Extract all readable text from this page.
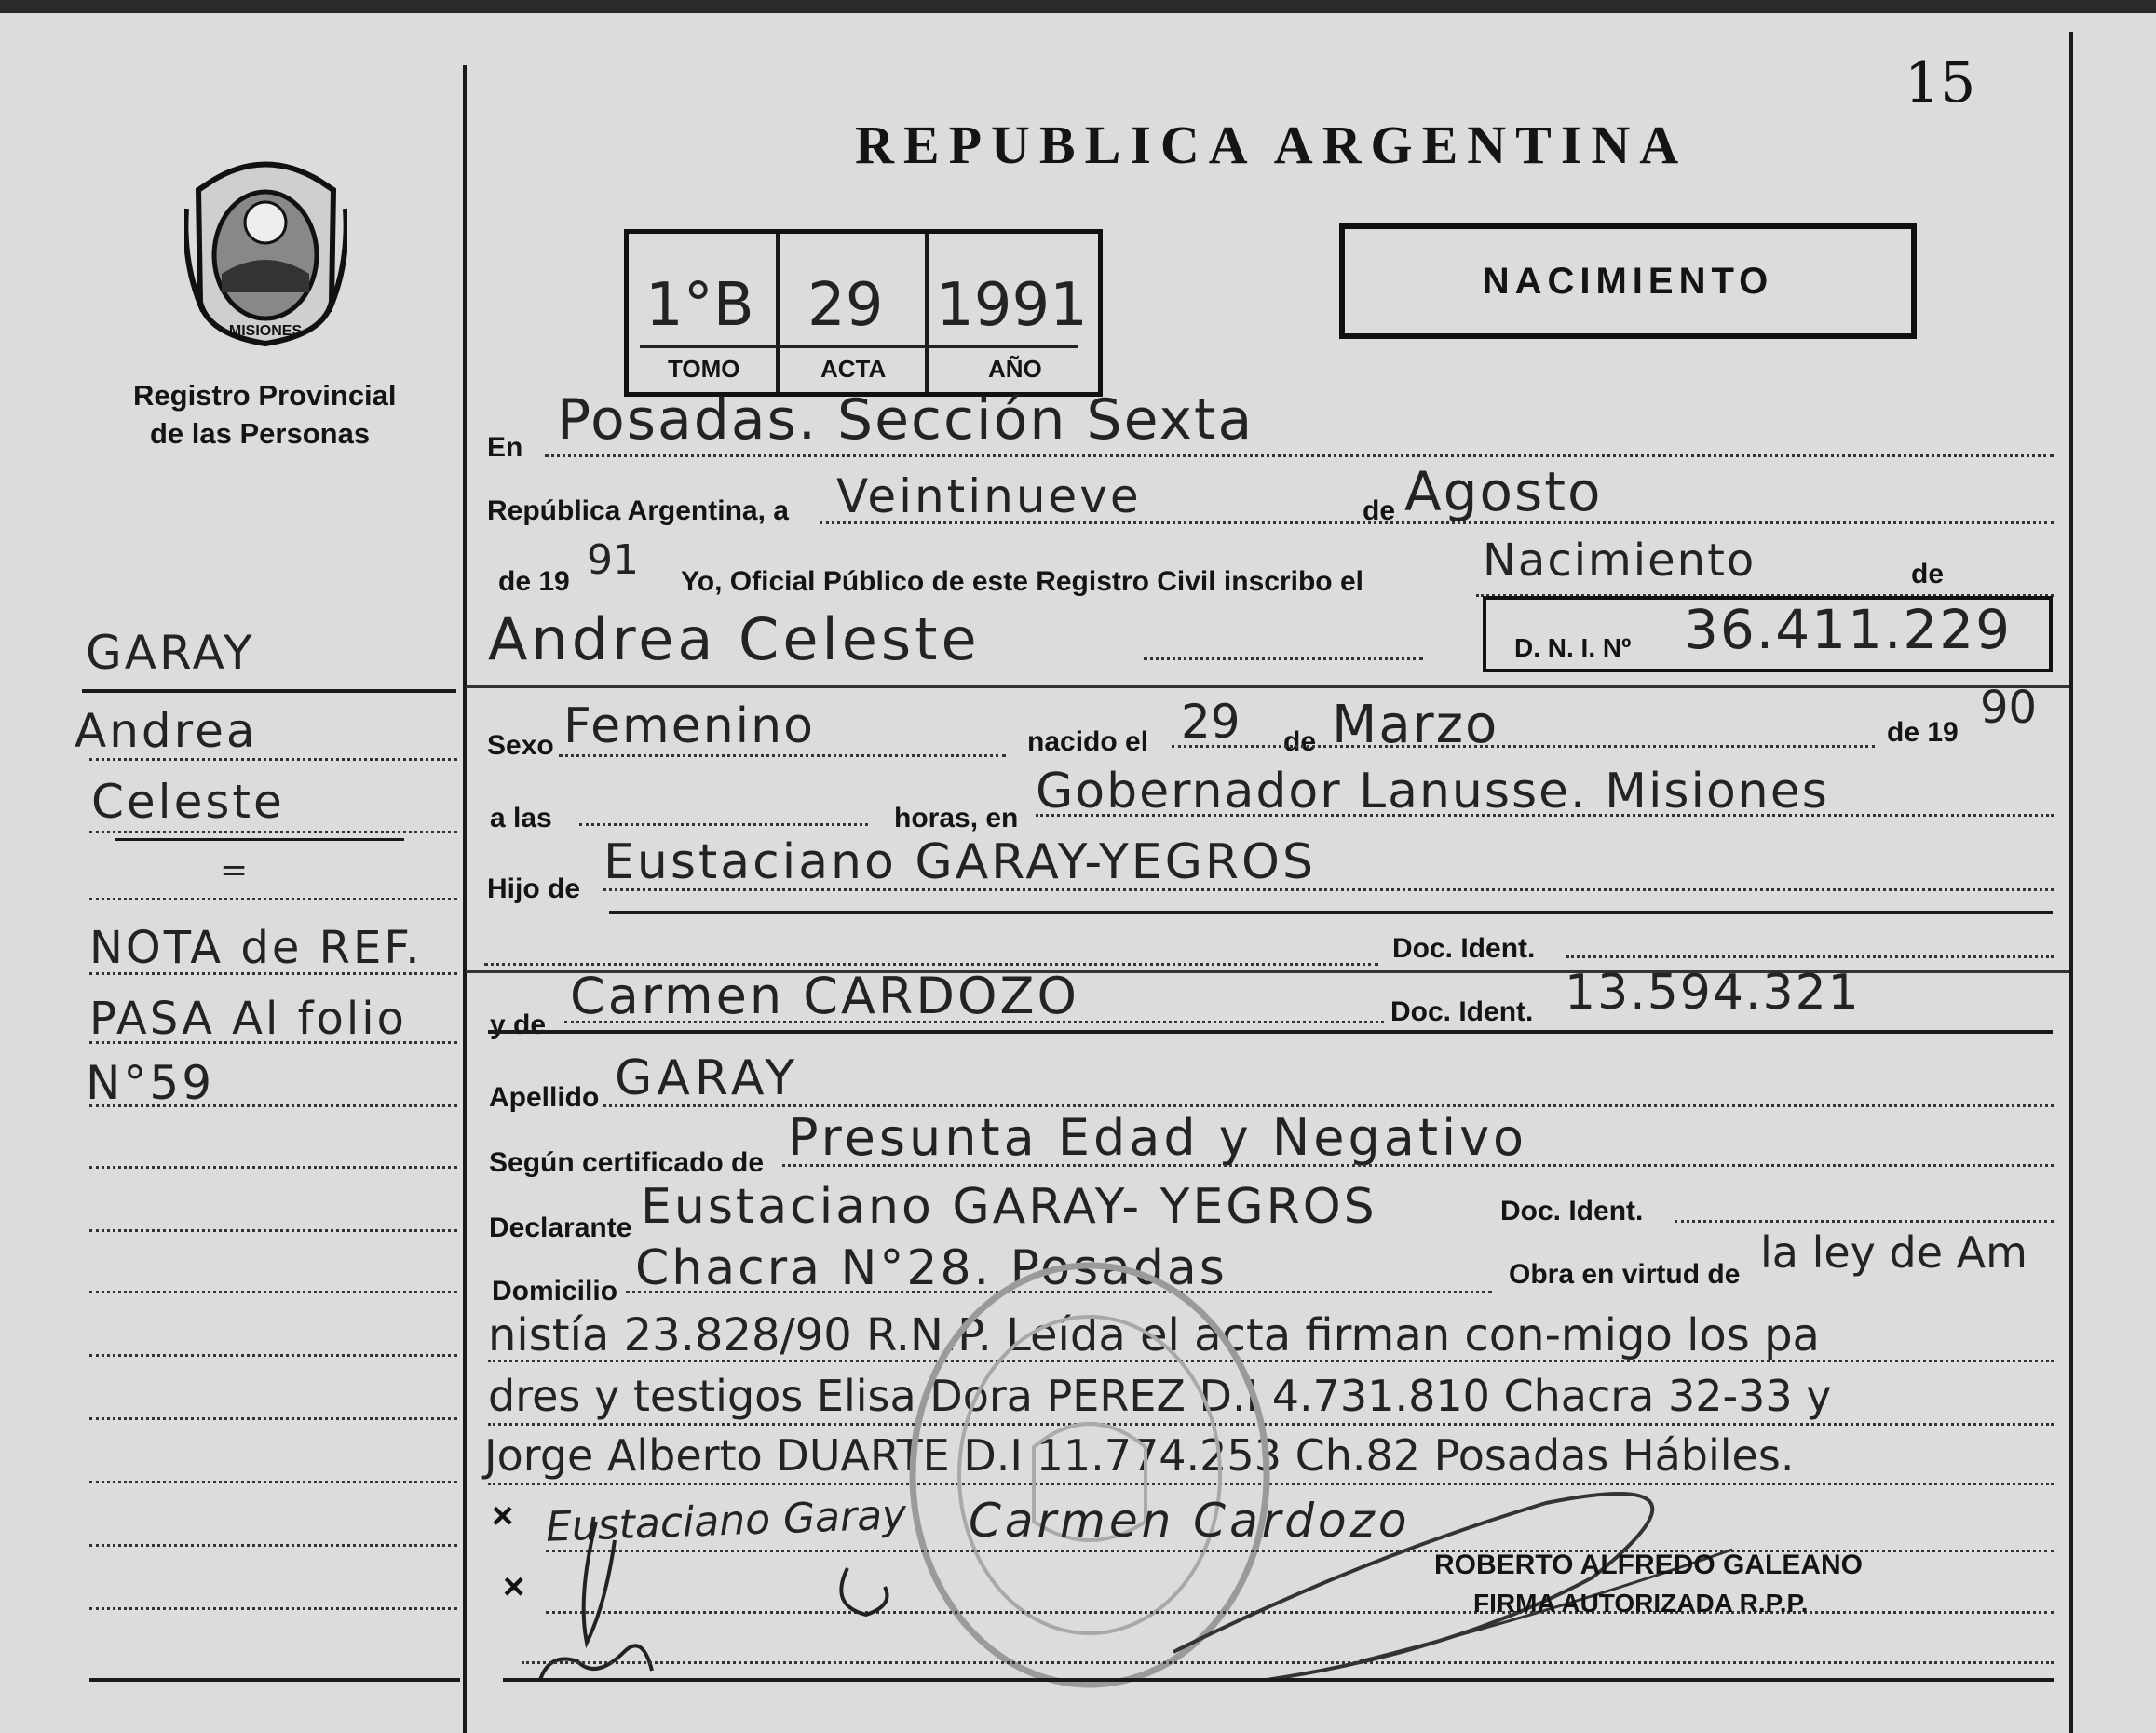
15
REPUBLICA ARGENTINA
MISIONES
Registro Provincial
de las Personas
1°B 29 1991
TOMO	ACTA	AÑO
NACIMIENTO
GARAY
Andrea
Celeste
=
NOTA de REF.
PASA Al folio
N°59
En Posadas. Sección Sexta
República Argentina, a Veintinueve	de Agosto
de 19 91 Yo, Oficial Público de este Registro Civil inscribo el	Nacimiento	de
Andrea Celeste	D. N. I. Nº 36.411.229
Sexo Femenino	nacido el 29 de Marzo	de 19 90
a las	horas, en Gobernador Lanusse. Misiones
Hijo de Eustaciano GARAY-YEGROS
Doc. Ident.
y de Carmen CARDOZO	Doc. Ident. 13.594.321
Apellido GARAY
Según certificado de Presunta Edad y Negativo
Declarante Eustaciano GARAY- YEGROS	Doc. Ident.
Domicilio Chacra N°28. Posadas	Obra en virtud de la ley de Am
nistía 23.828/90 R.N.P. Leída el acta firman con-migo los pa
dres y testigos Elisa Dora PEREZ D.I 4.731.810 Chacra 32-33 y
Jorge Alberto DUARTE D.I 11.774.253 Ch.82 Posadas Hábiles.
× Eustaciano Garay Carmen Cardozo
×
ROBERTO ALFREDO GALEANO
FIRMA AUTORIZADA R.P.P.
